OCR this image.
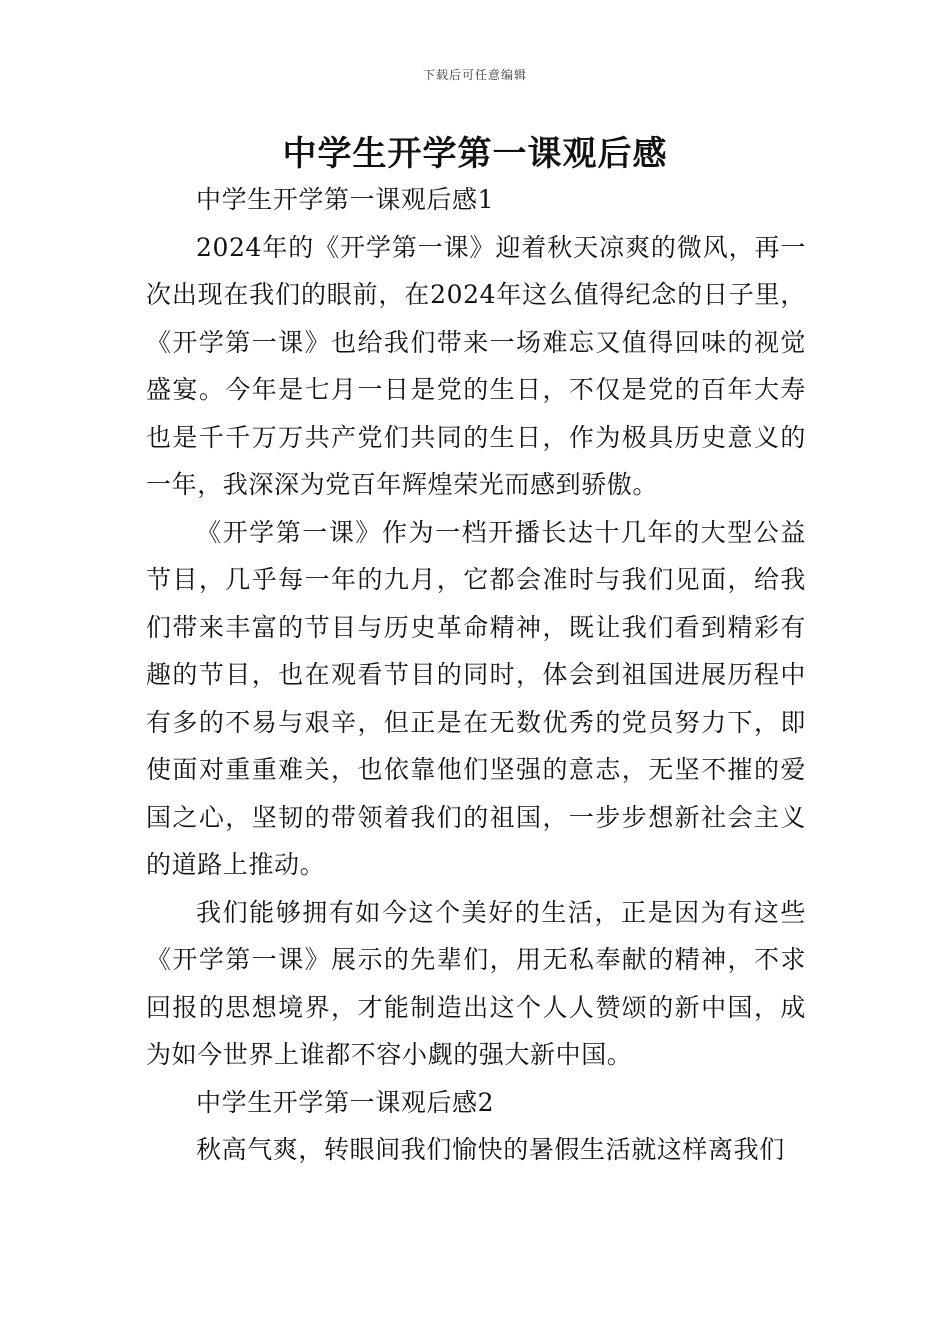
下载后可任意编辑
中学生开学第一课观后感

中学生开学第一课观后感1

2024年的《开学第一课》迎着秋天凉爽的微风，再一次出现在我们的眼前，在2024年这么值得纪念的日子里，《开学第一课》也给我们带来一场难忘又值得回味的视觉盛宴。今年是七月一日是党的生日，不仅是党的百年大寿也是千千万万共产党们共同的生日，作为极具历史意义的一年，我深深为党百年辉煌荣光而感到骄傲。

《开学第一课》作为一档开播长达十几年的大型公益节目，几乎每一年的九月，它都会准时与我们见面，给我们带来丰富的节目与历史革命精神，既让我们看到精彩有趣的节目，也在观看节目的同时，体会到祖国进展历程中有多的不易与艰辛，但正是在无数优秀的党员努力下，即使面对重重难关，也依靠他们坚强的意志，无坚不摧的爱国之心，坚韧的带领着我们的祖国，一步步想新社会主义的道路上推动。

我们能够拥有如今这个美好的生活，正是因为有这些《开学第一课》展示的先辈们，用无私奉献的精神，不求回报的思想境界，才能制造出这个人人赞颂的新中国，成为如今世界上谁都不容小觑的强大新中国。

中学生开学第一课观后感2

秋高气爽，转眼间我们愉快的暑假生活就这样离我们
